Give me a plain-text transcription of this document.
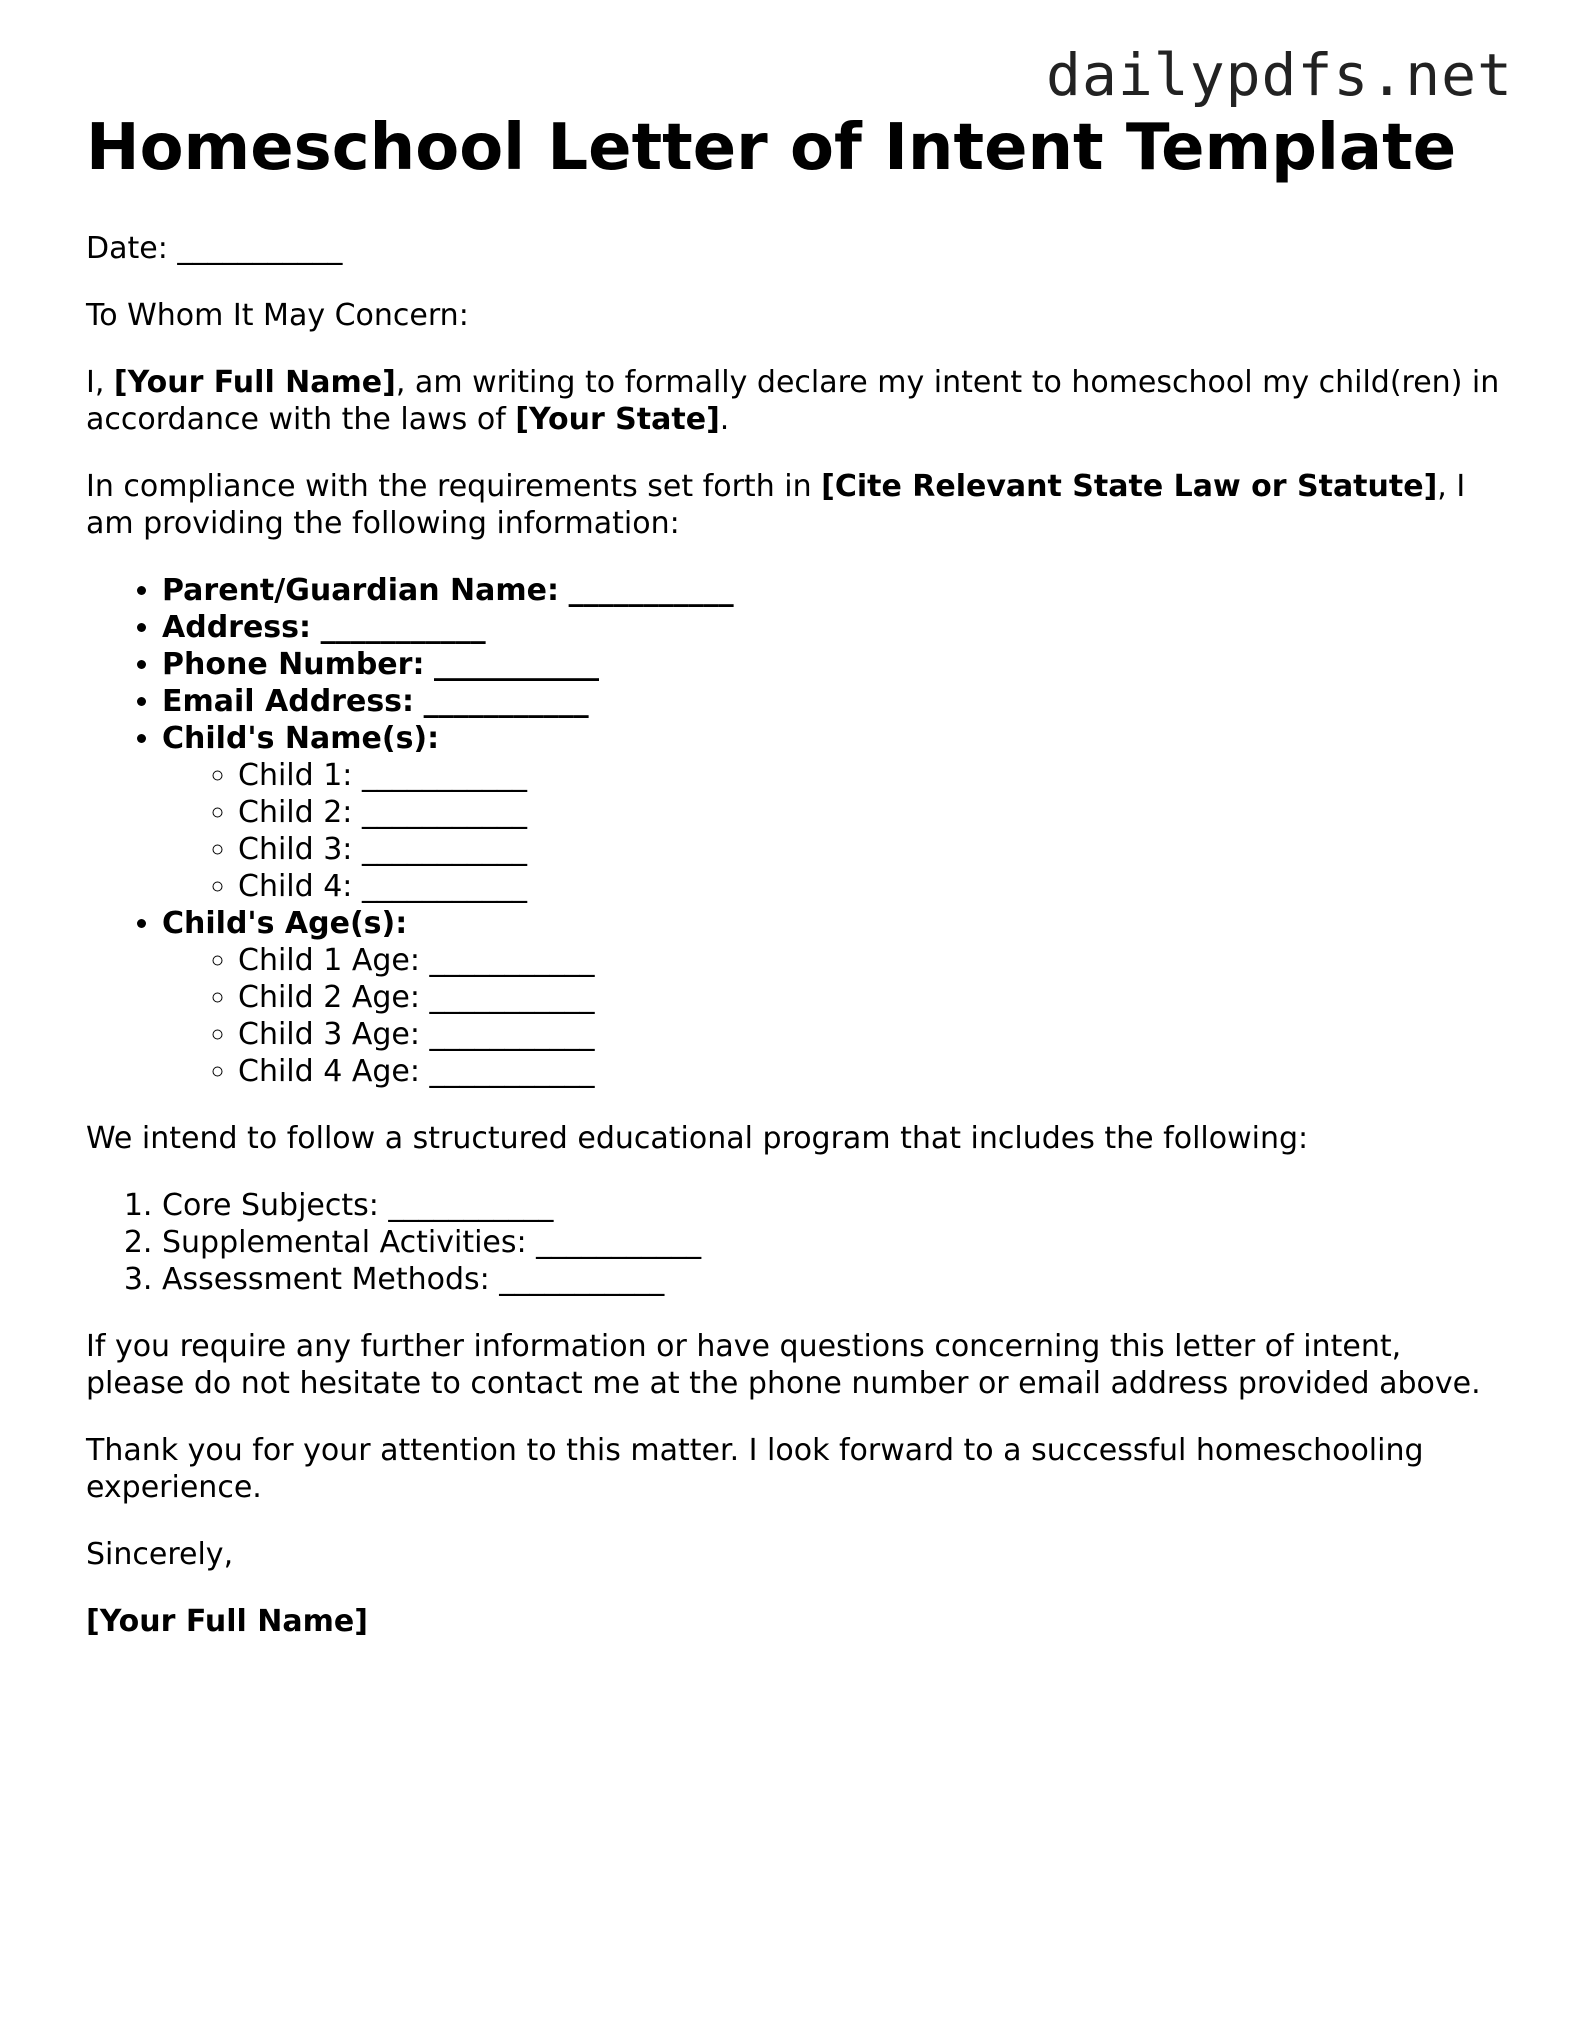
dailypdfs.net
Homeschool Letter of Intent Template

Date: ___________

To Whom It May Concern:

I, [Your Full Name], am writing to formally declare my intent to homeschool my child(ren) in accordance with the laws of [Your State].

In compliance with the requirements set forth in [Cite Relevant State Law or Statute], I am providing the following information:

• Parent/Guardian Name: ___________
• Address: ___________
• Phone Number: ___________
• Email Address: ___________
• Child's Name(s):
◦ Child 1: ___________
◦ Child 2: ___________
◦ Child 3: ___________
◦ Child 4: ___________
• Child's Age(s):
◦ Child 1 Age: ___________
◦ Child 2 Age: ___________
◦ Child 3 Age: ___________
◦ Child 4 Age: ___________

We intend to follow a structured educational program that includes the following:

1. Core Subjects: ___________
2. Supplemental Activities: ___________
3. Assessment Methods: ___________

If you require any further information or have questions concerning this letter of intent, please do not hesitate to contact me at the phone number or email address provided above.

Thank you for your attention to this matter. I look forward to a successful homeschooling experience.

Sincerely,

[Your Full Name]
